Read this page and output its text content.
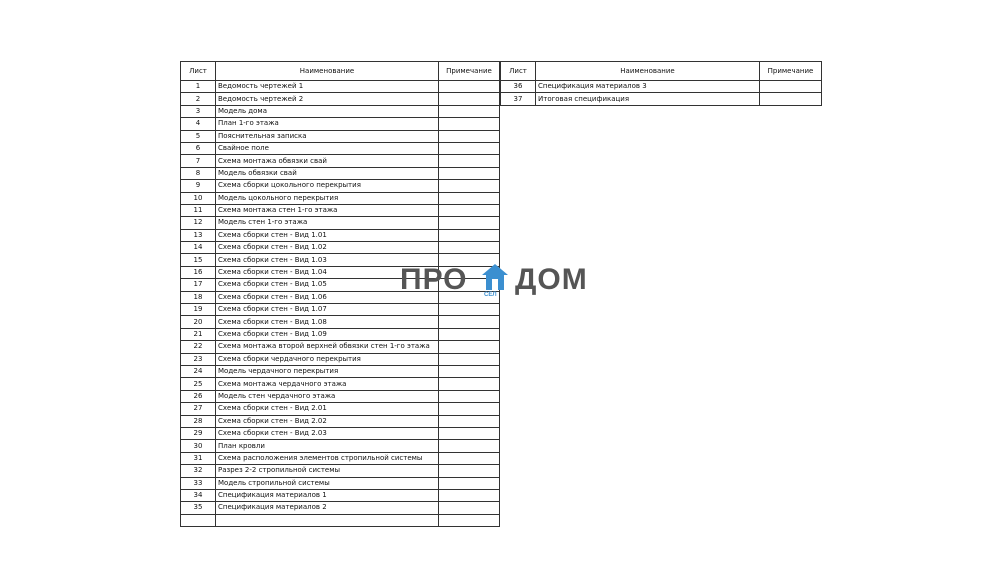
Лист	Наименование	Примечание
1	Ведомость чертежей 1	
2	Ведомость чертежей 2	
3	Модель дома	
4	План 1-го этажа	
5	Пояснительная записка	
6	Свайное поле	
7	Схема монтажа обвязки свай	
8	Модель обвязки свай	
9	Схема сборки цокольного перекрытия	
10	Модель цокольного перекрытия	
11	Схема монтажа стен 1-го этажа	
12	Модель стен 1-го этажа	
13	Схема сборки стен - Вид 1.01	
14	Схема сборки стен - Вид 1.02	
15	Схема сборки стен - Вид 1.03	
16	Схема сборки стен - Вид 1.04	
17	Схема сборки стен - Вид 1.05	
18	Схема сборки стен - Вид 1.06	
19	Схема сборки стен - Вид 1.07	
20	Схема сборки стен - Вид 1.08	
21	Схема сборки стен - Вид 1.09	
22	Схема монтажа второй верхней обвязки стен 1-го этажа	
23	Схема сборки чердачного перекрытия	
24	Модель чердачного перекрытия	
25	Схема монтажа чердачного этажа	
26	Модель стен чердачного этажа	
27	Схема сборки стен - Вид 2.01	
28	Схема сборки стен - Вид 2.02	
29	Схема сборки стен - Вид 2.03	
30	План кровли	
31	Схема расположения элементов стропильной системы	
32	Разрез 2-2 стропильной системы	
33	Модель стропильной системы	
34	Спецификация материалов 1	
35	Спецификация материалов 2	

Лист	Наименование	Примечание
36	Спецификация материалов 3	
37	Итоговая спецификация	
ПРО ДОМ
СЕЛ
